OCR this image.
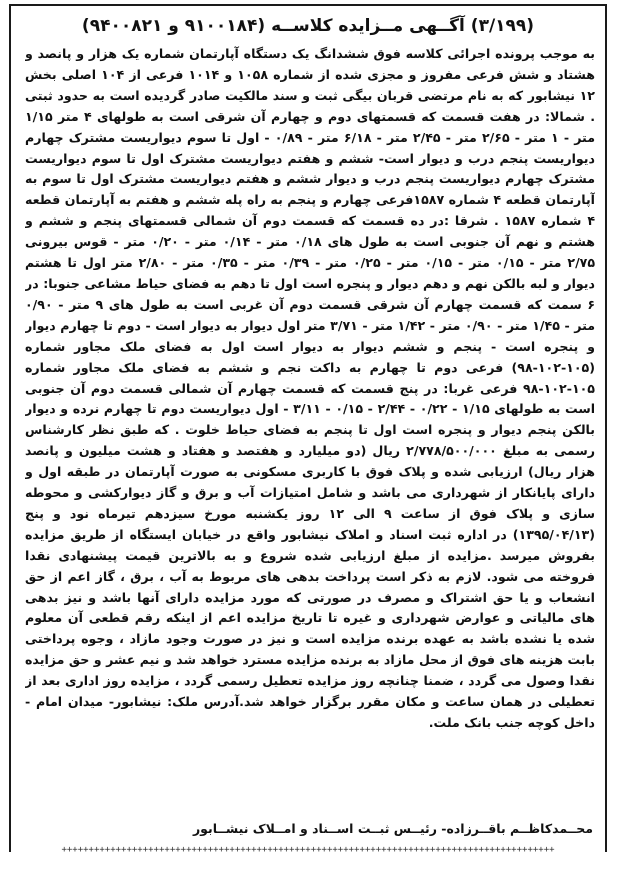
(۳/۱۹۹) آگــهی مــزایده کلاســه (۹۱۰۰۱۸۴ و ۹۴۰۰۸۲۱)

به موجب پرونده اجرائی کلاسه فوق ششدانگ یک دستگاه آپارتمان شماره یک هزار و پانصد و هشتاد و شش فرعی مفروز و مجزی شده از شماره ۱۰۵۸ و ۱۰۱۴ فرعی از ۱۰۴ اصلی بخش ۱۲ نیشابور که به نام مرتضی قربان بیگی ثبت و سند مالکیت صادر گردیده است به حدود ثبتی . شمالا: در هفت قسمت که قسمتهای دوم و چهارم آن شرقی است به طولهای ۴ متر ۱/۱۵ متر - ۱ متر - ۲/۶۵ متر - ۲/۴۵ متر - ۶/۱۸ متر - ۰/۸۹ - اول تا سوم دیواریست مشترک چهارم دیواریست پنجم درب و دیوار است- ششم و هفتم دیواریست مشترک اول تا سوم دیواریست مشترک چهارم دیواریست پنجم درب و دیوار ششم و هفتم دیواریست مشترک اول تا سوم به آپارتمان قطعه ۴ شماره ۱۵۸۷فرعی چهارم و پنجم به راه پله ششم و هفتم به آپارتمان قطعه ۴ شماره ۱۵۸۷ . شرقا :در ده قسمت که قسمت دوم آن شمالی قسمتهای پنجم و ششم و هشتم و نهم آن جنوبی است به طول های ۰/۱۸ متر - ۰/۱۴ متر - ۰/۲۰ متر - قوس بیرونی ۲/۷۵ متر - ۰/۱۵ متر - ۰/۱۵ متر - ۰/۲۵ متر - ۰/۳۹ متر - ۰/۳۵ متر - ۲/۸۰ متر اول تا هشتم دیوار و لبه بالکن نهم و دهم دیوار و پنجره است اول تا دهم به فضای حیاط مشاعی جنوبا: در ۶ سمت که قسمت چهارم آن شرقی قسمت دوم آن غربی است به طول های ۹ متر - ۰/۹۰ متر - ۱/۴۵ متر - ۰/۹۰ متر - ۱/۴۲ متر - ۳/۷۱ متر اول دیوار به دیوار است - دوم تا چهارم دیوار و پنجره است - پنجم و ششم دیوار به دیوار است اول به فضای ملک مجاور شماره (۱۰۵-۱۰۲-۹۸) فرعی دوم تا چهارم به داکت نجم و ششم به فضای ملک مجاور شماره ۱۰۵-۱۰۲-۹۸ فرعی غربا: در پنج قسمت که قسمت چهارم آن شمالی قسمت دوم آن جنوبی است به طولهای ۱/۱۵ - ۰/۲۲ - ۲/۴۴ - ۰/۱۵ - ۳/۱۱ - اول دیواریست دوم تا چهارم نرده و دیوار بالکن پنجم دیوار و پنجره است اول تا پنجم به فضای حیاط خلوت . که طبق نظر کارشناس رسمی به مبلغ ۲/۷۷۸/۵۰۰/۰۰۰ ریال (دو میلیارد و هفتصد و هفتاد و هشت میلیون و پانصد هزار ریال) ارزیابی شده و پلاک فوق با کاربری مسکونی به صورت آپارتمان در طبقه اول و دارای پایانکار از شهرداری می باشد و شامل امتیازات آب و برق و گاز دیوارکشی و محوطه سازی و پلاک فوق از ساعت ۹ الی ۱۲ روز یکشنبه مورخ سیزدهم تیرماه نود و پنج (۱۳۹۵/۰۴/۱۳) در اداره ثبت اسناد و املاک نیشابور واقع در خیابان ایستگاه از طریق مزایده بفروش میرسد .مزایده از مبلغ ارزیابی شده شروع و به بالاترین قیمت پیشنهادی نقدا فروخته می شود. لازم به ذکر است پرداخت بدهی های مربوط به آب ، برق ، گاز اعم از حق انشعاب و یا حق اشتراک و مصرف در صورتی که مورد مزایده دارای آنها باشد و نیز بدهی های مالیاتی و عوارض شهرداری و غیره تا تاریخ مزایده اعم از اینکه رقم قطعی آن معلوم شده یا نشده باشد به عهده برنده مزایده است و نیز در صورت وجود مازاد ، وجوه پرداختی بابت هزینه های فوق از محل مازاد به برنده مزایده مسترد خواهد شد و نیم عشر و حق مزایده نقدا وصول می گردد ، ضمنا چنانچه روز مزایده تعطیل رسمی گردد ، مزایده روز اداری بعد از تعطیلی در همان ساعت و مکان مقرر برگزار خواهد شد.آدرس ملک: نیشابور- میدان امام - داخل کوچه جنب بانک ملت.

محــمدکاظــم باقــرزاده- رئیــس ثبــت اســناد و امــلاک نیشــابور
+++++++++++++++++++++++++++++++++++++++++++++++++++++++++++++++++++++++++++++++++++++++++++
